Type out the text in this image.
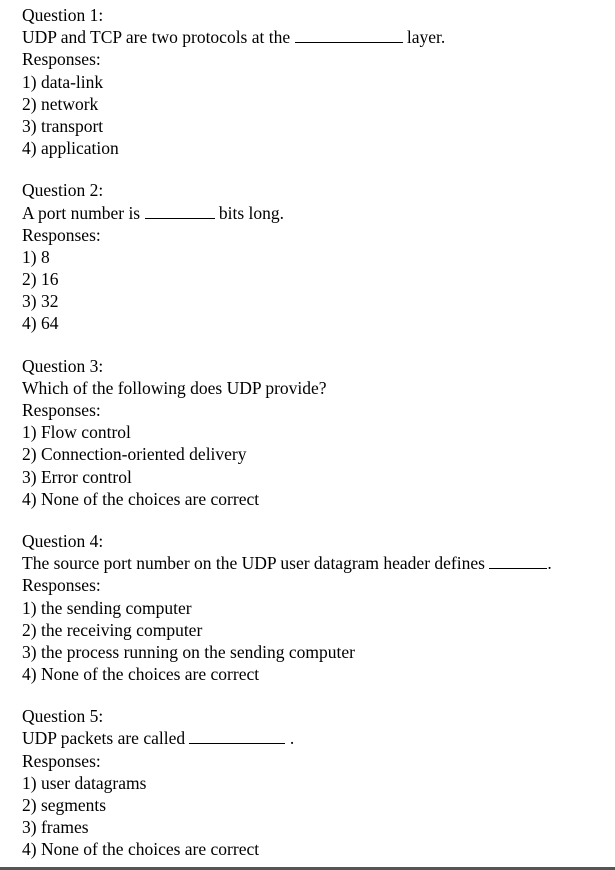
Question 1:
UDP and TCP are two protocols at the	layer.
Responses:
1) data-link
2) network
3) transport
4) application
Question 2:
A port number is	bits long.
Responses:
1) 8
2) 16
3) 32
4) 64
Question 3:
Which of the following does UDP provide?
Responses:
1) Flow control
2) Connection-oriented delivery
3) Error control
4) None of the choices are correct
Question 4:
The source port number on the UDP user datagram header defines	.
Responses:
1) the sending computer
2) the receiving computer
3) the process running on the sending computer
4) None of the choices are correct
Question 5:
UDP packets are called	.
Responses:
1) user datagrams
2) segments
3) frames
4) None of the choices are correct
